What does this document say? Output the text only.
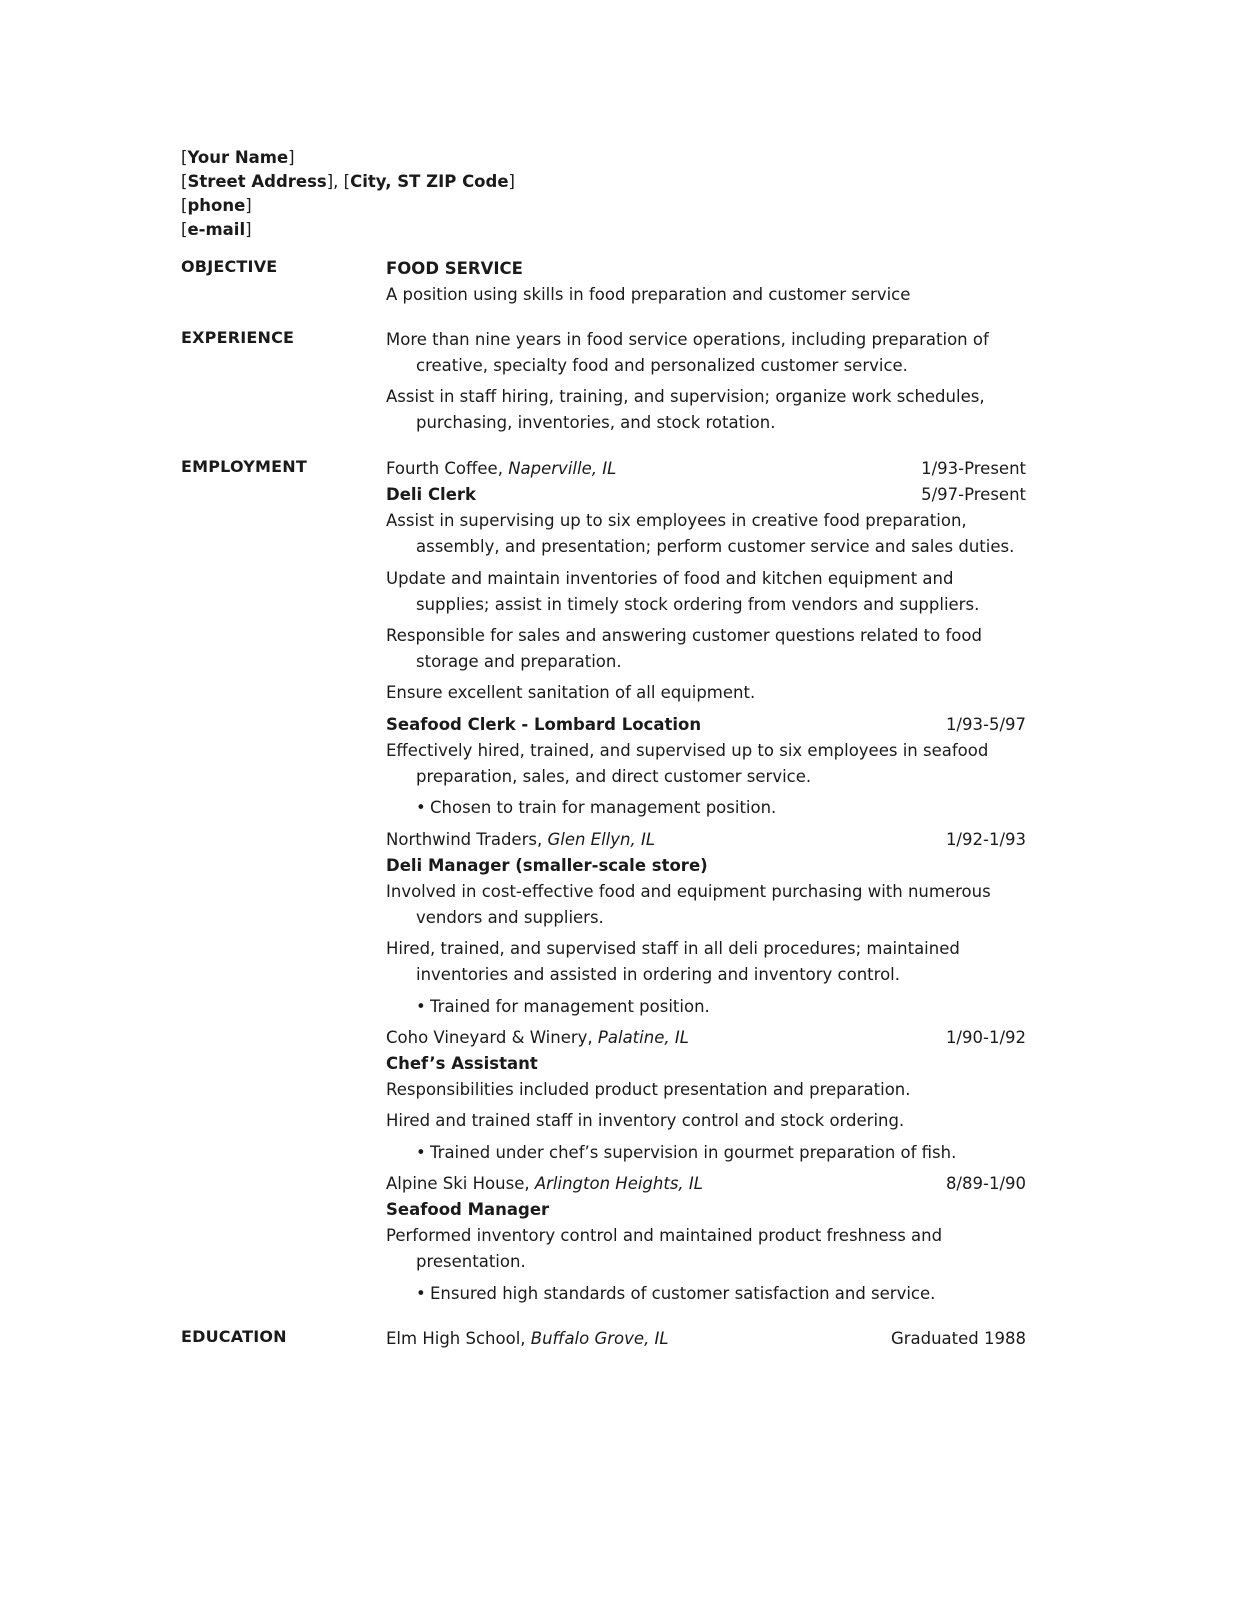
[Your Name]
[Street Address], [City, ST ZIP Code]
[phone]
[e-mail]
OBJECTIVE	FOOD SERVICE
A position using skills in food preparation and customer service
EXPERIENCE	More than nine years in food service operations, including preparation of creative, specialty food and personalized customer service.
Assist in staff hiring, training, and supervision; organize work schedules, purchasing, inventories, and stock rotation.
EMPLOYMENT	Fourth Coffee, Naperville, IL	1/93-Present
Deli Clerk	5/97-Present
Assist in supervising up to six employees in creative food preparation, assembly, and presentation; perform customer service and sales duties.
Update and maintain inventories of food and kitchen equipment and supplies; assist in timely stock ordering from vendors and suppliers.
Responsible for sales and answering customer questions related to food storage and preparation.
Ensure excellent sanitation of all equipment.
Seafood Clerk - Lombard Location	1/93-5/97
Effectively hired, trained, and supervised up to six employees in seafood preparation, sales, and direct customer service.
• Chosen to train for management position.
Northwind Traders, Glen Ellyn, IL	1/92-1/93
Deli Manager (smaller-scale store)
Involved in cost-effective food and equipment purchasing with numerous vendors and suppliers.
Hired, trained, and supervised staff in all deli procedures; maintained inventories and assisted in ordering and inventory control.
• Trained for management position.
Coho Vineyard & Winery, Palatine, IL	1/90-1/92
Chef’s Assistant
Responsibilities included product presentation and preparation.
Hired and trained staff in inventory control and stock ordering.
• Trained under chef’s supervision in gourmet preparation of fish.
Alpine Ski House, Arlington Heights, IL	8/89-1/90
Seafood Manager
Performed inventory control and maintained product freshness and presentation.
• Ensured high standards of customer satisfaction and service.
EDUCATION	Elm High School, Buffalo Grove, IL	Graduated 1988
